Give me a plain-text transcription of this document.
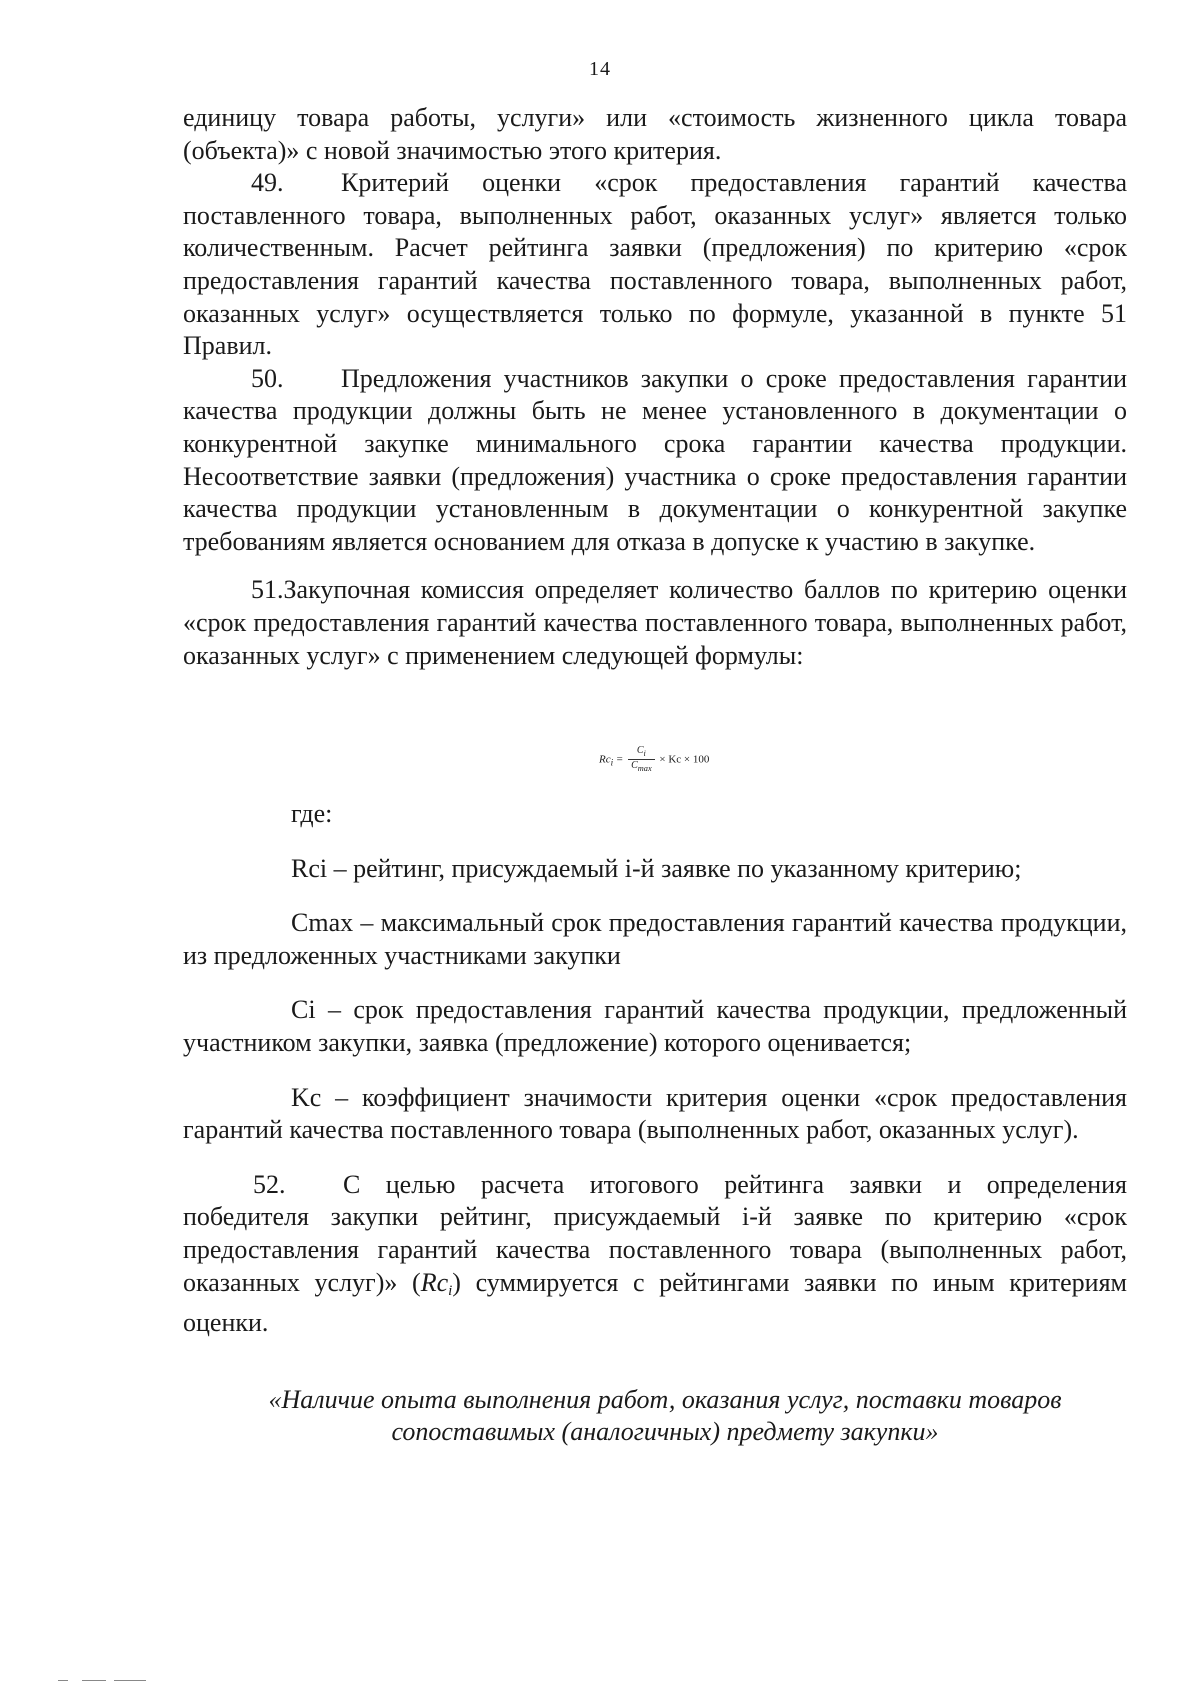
14

единицу товара работы, услуги» или «стоимость жизненного цикла товара (объекта)» с новой значимостью этого критерия.

49. Критерий оценки «срок предоставления гарантий качества поставленного товара, выполненных работ, оказанных услуг» является только количественным. Расчет рейтинга заявки (предложения) по критерию «срок предоставления гарантий качества поставленного товара, выполненных работ, оказанных услуг» осуществляется только по формуле, указанной в пункте 51 Правил.

50. Предложения участников закупки о сроке предоставления гарантии качества продукции должны быть не менее установленного в документации о конкурентной закупке минимального срока гарантии качества продукции. Несоответствие заявки (предложения) участника о сроке предоставления гарантии качества продукции установленным в документации о конкурентной закупке требованиям является основанием для отказа в допуске к участию в закупке.

51.Закупочная комиссия определяет количество баллов по критерию оценки «срок предоставления гарантий качества поставленного товара, выполненных работ, оказанных услуг» с применением следующей формулы:

$Rc_i = \frac{C_i}{C_{max}} \times Kc \times 100$

где:

Rci – рейтинг, присуждаемый i-й заявке по указанному критерию;

Cmax – максимальный срок предоставления гарантий качества продукции, из предложенных участниками закупки

Ci – срок предоставления гарантий качества продукции, предложенный участником закупки, заявка (предложение) которого оценивается;

Kc – коэффициент значимости критерия оценки «срок предоставления гарантий качества поставленного товара (выполненных работ, оказанных услуг).

52. С целью расчета итогового рейтинга заявки и определения победителя закупки рейтинг, присуждаемый i-й заявке по критерию «срок предоставления гарантий качества поставленного товара (выполненных работ, оказанных услуг)» $(Rc_i)$ суммируется с рейтингами заявки по иным критериям оценки.

«Наличие опыта выполнения работ, оказания услуг, поставки товаров сопоставимых (аналогичных) предмету закупки»
